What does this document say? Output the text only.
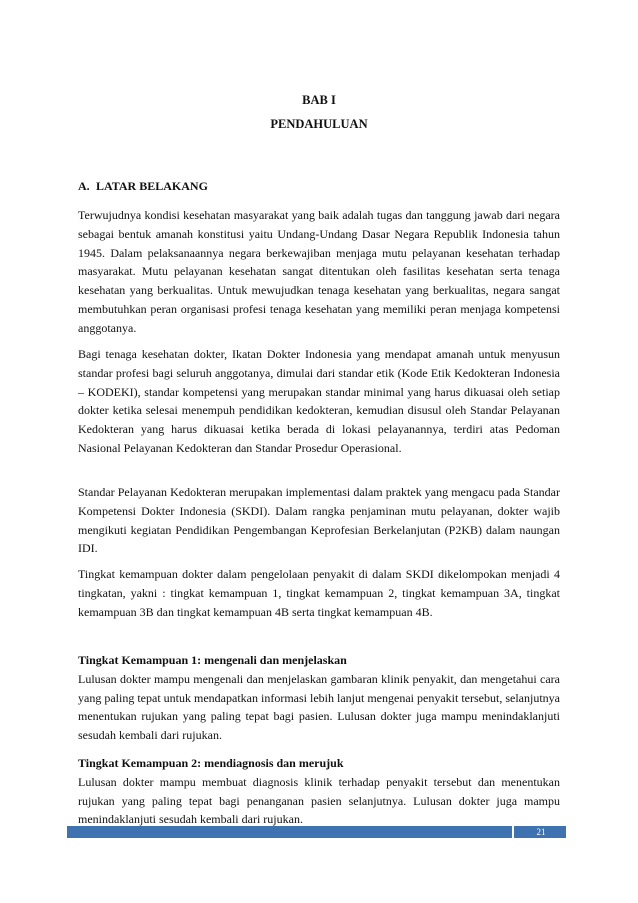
BAB I
PENDAHULUAN
A. LATAR BELAKANG

Terwujudnya kondisi kesehatan masyarakat yang baik adalah tugas dan tanggung jawab dari negara sebagai bentuk amanah konstitusi yaitu Undang-Undang Dasar Negara Republik Indonesia tahun 1945. Dalam pelaksanaannya negara berkewajiban menjaga mutu pelayanan kesehatan terhadap masyarakat. Mutu pelayanan kesehatan sangat ditentukan oleh fasilitas kesehatan serta tenaga kesehatan yang berkualitas. Untuk mewujudkan tenaga kesehatan yang berkualitas, negara sangat membutuhkan peran organisasi profesi tenaga kesehatan yang memiliki peran menjaga kompetensi anggotanya.

Bagi tenaga kesehatan dokter, Ikatan Dokter Indonesia yang mendapat amanah untuk menyusun standar profesi bagi seluruh anggotanya, dimulai dari standar etik (Kode Etik Kedokteran Indonesia – KODEKI), standar kompetensi yang merupakan standar minimal yang harus dikuasai oleh setiap dokter ketika selesai menempuh pendidikan kedokteran, kemudian disusul oleh Standar Pelayanan Kedokteran yang harus dikuasai ketika berada di lokasi pelayanannya, terdiri atas Pedoman Nasional Pelayanan Kedokteran dan Standar Prosedur Operasional.

Standar Pelayanan Kedokteran merupakan implementasi dalam praktek yang mengacu pada Standar Kompetensi Dokter Indonesia (SKDI). Dalam rangka penjaminan mutu pelayanan, dokter wajib mengikuti kegiatan Pendidikan Pengembangan Keprofesian Berkelanjutan (P2KB) dalam naungan IDI.

Tingkat kemampuan dokter dalam pengelolaan penyakit di dalam SKDI dikelompokan menjadi 4 tingkatan, yakni : tingkat kemampuan 1, tingkat kemampuan 2, tingkat kemampuan 3A, tingkat kemampuan 3B dan tingkat kemampuan 4B serta tingkat kemampuan 4B.

Tingkat Kemampuan 1: mengenali dan menjelaskan

Lulusan dokter mampu mengenali dan menjelaskan gambaran klinik penyakit, dan mengetahui cara yang paling tepat untuk mendapatkan informasi lebih lanjut mengenai penyakit tersebut, selanjutnya menentukan rujukan yang paling tepat bagi pasien. Lulusan dokter juga mampu menindaklanjuti sesudah kembali dari rujukan.

Tingkat Kemampuan 2: mendiagnosis dan merujuk

Lulusan dokter mampu membuat diagnosis klinik terhadap penyakit tersebut dan menentukan rujukan yang paling tepat bagi penanganan pasien selanjutnya. Lulusan dokter juga mampu menindaklanjuti sesudah kembali dari rujukan.

21
